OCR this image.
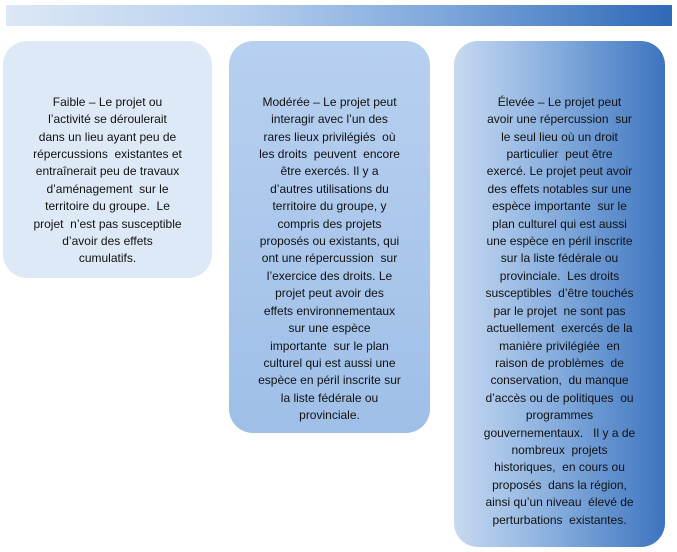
Faible – Le projet ou
l’activité se déroulerait
dans un lieu ayant peu de
répercussions  existantes et
entraînerait peu de travaux
d’aménagement  sur le
territoire du groupe.  Le
projet  n’est pas susceptible
d’avoir des effets
cumulatifs.

Modérée – Le projet peut
interagir avec l’un des
rares lieux privilégiés  où
les droits  peuvent  encore
être exercés. Il y a
d’autres utilisations du
territoire du groupe, y
compris des projets
proposés ou existants, qui
ont une répercussion  sur
l’exercice des droits. Le
projet peut avoir des
effets environnementaux
sur une espèce
importante  sur le plan
culturel qui est aussi une
espèce en péril inscrite sur
la liste fédérale ou
provinciale.

Élevée – Le projet peut
avoir une répercussion  sur
le seul lieu où un droit
particulier  peut être
exercé. Le projet peut avoir
des effets notables sur une
espèce importante  sur le
plan culturel qui est aussi
une espèce en péril inscrite
sur la liste fédérale ou
provinciale.  Les droits
susceptibles  d’être touchés
par le projet  ne sont pas
actuellement  exercés de la
manière privilégiée  en
raison de problèmes  de
conservation,  du manque
d’accès ou de politiques  ou
programmes
gouvernementaux.   Il y a de
nombreux  projets
historiques,  en cours ou
proposés  dans la région,
ainsi qu’un niveau  élevé de
perturbations  existantes.
